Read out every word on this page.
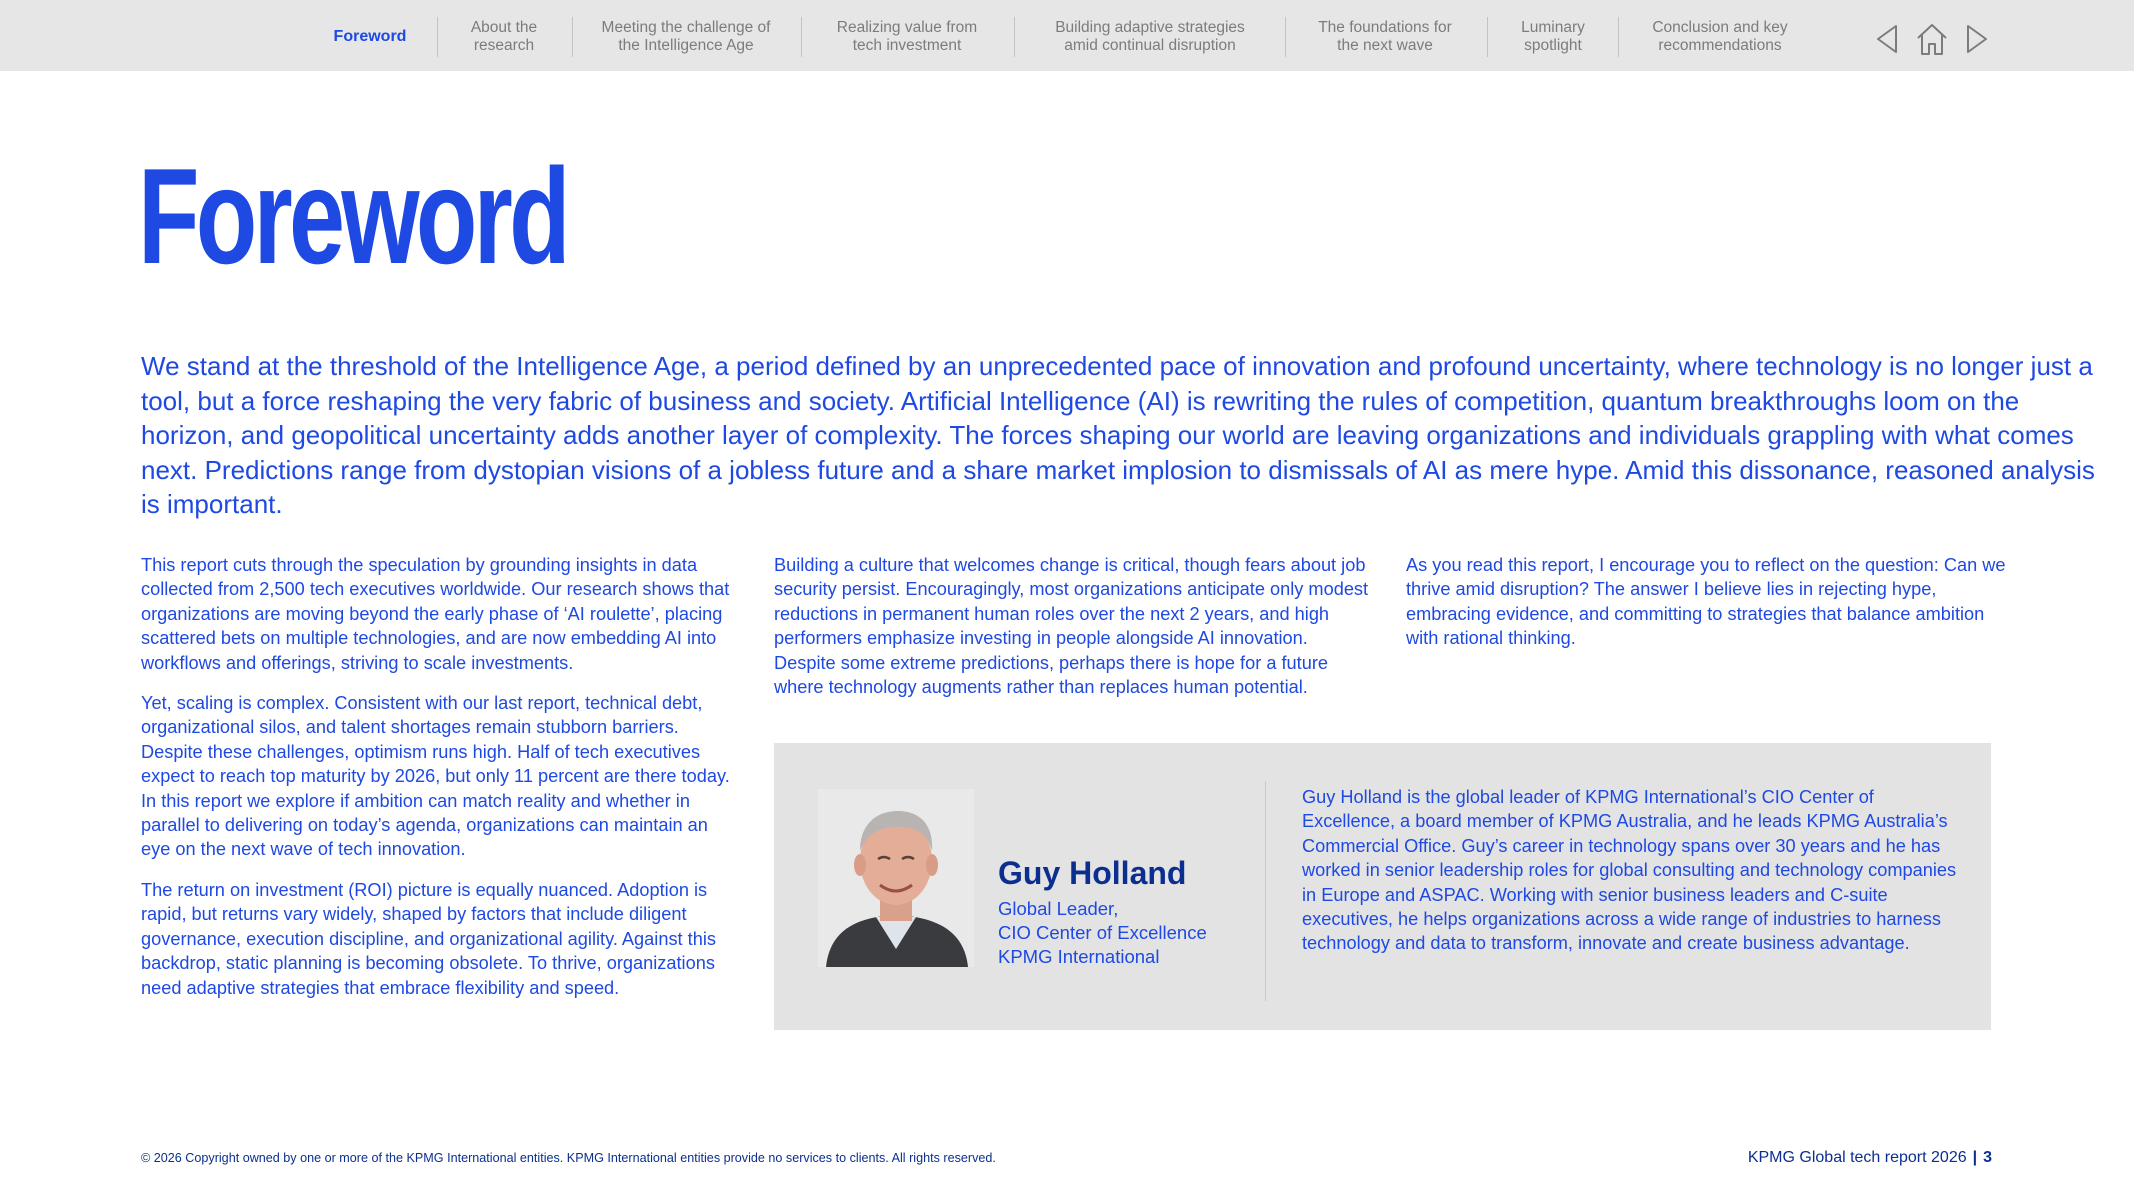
Foreword
About the research
Meeting the challenge of the Intelligence Age
Realizing value from tech investment
Building adaptive strategies amid continual disruption
The foundations for the next wave
Luminary spotlight
Conclusion and key recommendations
Foreword

We stand at the threshold of the Intelligence Age, a period defined by an unprecedented pace of innovation and profound uncertainty, where technology is no longer just a tool, but a force reshaping the very fabric of business and society. Artificial Intelligence (AI) is rewriting the rules of competition, quantum breakthroughs loom on the horizon, and geopolitical uncertainty adds another layer of complexity. The forces shaping our world are leaving organizations and individuals grappling with what comes next. Predictions range from dystopian visions of a jobless future and a share market implosion to dismissals of AI as mere hype. Amid this dissonance, reasoned analysis is important.

This report cuts through the speculation by grounding insights in data collected from 2,500 tech executives worldwide. Our research shows that organizations are moving beyond the early phase of ‘AI roulette’, placing scattered bets on multiple technologies, and are now embedding AI into workflows and offerings, striving to scale investments.

Yet, scaling is complex. Consistent with our last report, technical debt, organizational silos, and talent shortages remain stubborn barriers. Despite these challenges, optimism runs high. Half of tech executives expect to reach top maturity by 2026, but only 11 percent are there today. In this report we explore if ambition can match reality and whether in parallel to delivering on today’s agenda, organizations can maintain an eye on the next wave of tech innovation.

The return on investment (ROI) picture is equally nuanced. Adoption is rapid, but returns vary widely, shaped by factors that include diligent governance, execution discipline, and organizational agility. Against this backdrop, static planning is becoming obsolete. To thrive, organizations need adaptive strategies that embrace flexibility and speed.

Building a culture that welcomes change is critical, though fears about job security persist. Encouragingly, most organizations anticipate only modest reductions in permanent human roles over the next 2 years, and high performers emphasize investing in people alongside AI innovation. Despite some extreme predictions, perhaps there is hope for a future where technology augments rather than replaces human potential.

As you read this report, I encourage you to reflect on the question: Can we thrive amid disruption? The answer I believe lies in rejecting hype, embracing evidence, and committing to strategies that balance ambition with rational thinking.

Guy Holland
Global Leader,
CIO Center of Excellence
KPMG International

Guy Holland is the global leader of KPMG International’s CIO Center of Excellence, a board member of KPMG Australia, and he leads KPMG Australia’s Commercial Office. Guy’s career in technology spans over 30 years and he has worked in senior leadership roles for global consulting and technology companies in Europe and ASPAC. Working with senior business leaders and C-suite executives, he helps organizations across a wide range of industries to harness technology and data to transform, innovate and create business advantage.

© 2026 Copyright owned by one or more of the KPMG International entities. KPMG International entities provide no services to clients. All rights reserved.	KPMG Global tech report 2026 | 3
